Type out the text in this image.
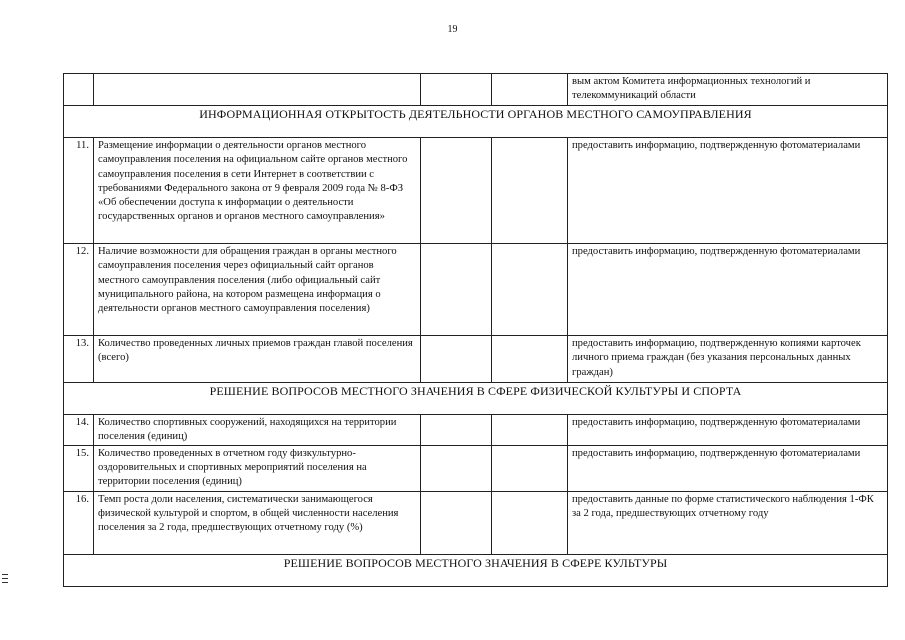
19
				вым актом Комитета информационных технологий и телекоммуникаций области
ИНФОРМАЦИОННАЯ ОТКРЫТОСТЬ ДЕЯТЕЛЬНОСТИ ОРГАНОВ МЕСТНОГО САМОУПРАВЛЕНИЯ				
11.	Размещение информации о деятельности органов местного самоуправления поселения на официальном сайте органов местного самоуправления поселения в сети Интернет в соответствии с требованиями Федерального закона от 9 февраля 2009 года № 8-ФЗ «Об обеспечении доступа к информации о деятельности государственных органов и органов местного самоуправления»			предоставить информацию, подтвержденную фотоматериалами
12.	Наличие возможности для обращения граждан в органы местного самоуправления поселения через официальный сайт органов местного самоуправления поселения (либо официальный сайт муниципального района, на котором размещена информация о деятельности органов местного самоуправления поселения)			предоставить информацию, подтвержденную фотоматериалами
13.	Количество проведенных личных приемов граждан главой поселения (всего)			предоставить информацию, подтвержденную копиями карточек личного приема граждан (без указания персональных данных граждан)
РЕШЕНИЕ ВОПРОСОВ МЕСТНОГО ЗНАЧЕНИЯ В СФЕРЕ ФИЗИЧЕСКОЙ КУЛЬТУРЫ И СПОРТА				
14.	Количество спортивных сооружений, находящихся на территории поселения (единиц)			предоставить информацию, подтвержденную фотоматериалами
15.	Количество проведенных в отчетном году физкультурно-оздоровительных и спортивных мероприятий поселения на территории поселения (единиц)			предоставить информацию, подтвержденную фотоматериалами
16.	Темп роста доли населения, систематически занимающегося физической культурой и спортом, в общей численности населения поселения за 2 года, предшествующих отчетному году (%)			предоставить данные по форме статистического наблюдения 1-ФК за 2 года, предшествующих отчетному году
РЕШЕНИЕ ВОПРОСОВ МЕСТНОГО ЗНАЧЕНИЯ В СФЕРЕ КУЛЬТУРЫ				
